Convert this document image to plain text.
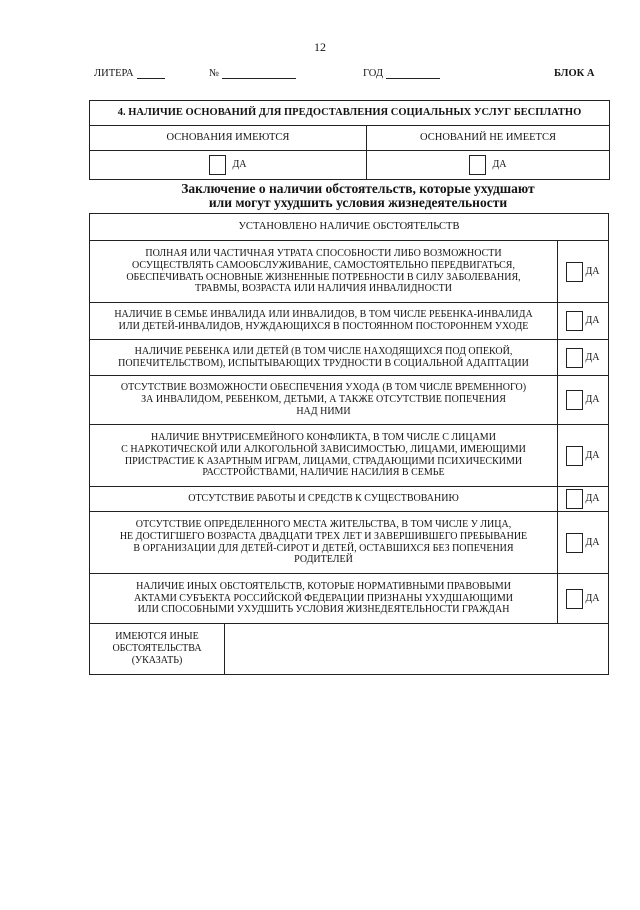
12
ЛИТЕРА	№	ГОД	БЛОК А
4. НАЛИЧИЕ ОСНОВАНИЙ ДЛЯ ПРЕДОСТАВЛЕНИЯ СОЦИАЛЬНЫХ УСЛУГ БЕСПЛАТНО	
ОСНОВАНИЯ ИМЕЮТСЯ	ОСНОВАНИЙ НЕ ИМЕЕТСЯ
ДА	ДА
Заключение о наличии обстоятельств, которые ухудшают
или могут ухудшить условия жизнедеятельности
УСТАНОВЛЕНО НАЛИЧИЕ ОБСТОЯТЕЛЬСТВ		

ПОЛНАЯ ИЛИ ЧАСТИЧНАЯ УТРАТА СПОСОБНОСТИ ЛИБО ВОЗМОЖНОСТИ
ОСУЩЕСТВЛЯТЬ САМООБСЛУЖИВАНИЕ, САМОСТОЯТЕЛЬНО ПЕРЕДВИГАТЬСЯ,
ОБЕСПЕЧИВАТЬ ОСНОВНЫЕ ЖИЗНЕННЫЕ ПОТРЕБНОСТИ В СИЛУ ЗАБОЛЕВАНИЯ,
ТРАВМЫ, ВОЗРАСТА ИЛИ НАЛИЧИЯ ИНВАЛИДНОСТИ		ДА

НАЛИЧИЕ В СЕМЬЕ ИНВАЛИДА ИЛИ ИНВАЛИДОВ, В ТОМ ЧИСЛЕ РЕБЕНКА-ИНВАЛИДА
ИЛИ ДЕТЕЙ-ИНВАЛИДОВ, НУЖДАЮЩИХСЯ В ПОСТОЯННОМ ПОСТОРОННЕМ УХОДЕ		ДА

НАЛИЧИЕ РЕБЕНКА ИЛИ ДЕТЕЙ (В ТОМ ЧИСЛЕ НАХОДЯЩИХСЯ ПОД ОПЕКОЙ,
ПОПЕЧИТЕЛЬСТВОМ), ИСПЫТЫВАЮЩИХ ТРУДНОСТИ В СОЦИАЛЬНОЙ АДАПТАЦИИ		ДА

ОТСУТСТВИЕ ВОЗМОЖНОСТИ ОБЕСПЕЧЕНИЯ УХОДА (В ТОМ ЧИСЛЕ ВРЕМЕННОГО)
ЗА ИНВАЛИДОМ, РЕБЕНКОМ, ДЕТЬМИ, А ТАКЖЕ ОТСУТСТВИЕ ПОПЕЧЕНИЯ
НАД НИМИ		ДА

НАЛИЧИЕ ВНУТРИСЕМЕЙНОГО КОНФЛИКТА, В ТОМ ЧИСЛЕ С ЛИЦАМИ
С НАРКОТИЧЕСКОЙ ИЛИ АЛКОГОЛЬНОЙ ЗАВИСИМОСТЬЮ, ЛИЦАМИ, ИМЕЮЩИМИ
ПРИСТРАСТИЕ К АЗАРТНЫМ ИГРАМ, ЛИЦАМИ, СТРАДАЮЩИМИ ПСИХИЧЕСКИМИ
РАССТРОЙСТВАМИ, НАЛИЧИЕ НАСИЛИЯ В СЕМЬЕ		ДА

ОТСУТСТВИЕ РАБОТЫ И СРЕДСТВ К СУЩЕСТВОВАНИЮ		ДА

ОТСУТСТВИЕ ОПРЕДЕЛЕННОГО МЕСТА ЖИТЕЛЬСТВА, В ТОМ ЧИСЛЕ У ЛИЦА,
НЕ ДОСТИГШЕГО ВОЗРАСТА ДВАДЦАТИ ТРЕХ ЛЕТ И ЗАВЕРШИВШЕГО ПРЕБЫВАНИЕ
В ОРГАНИЗАЦИИ ДЛЯ ДЕТЕЙ-СИРОТ И ДЕТЕЙ, ОСТАВШИХСЯ БЕЗ ПОПЕЧЕНИЯ
РОДИТЕЛЕЙ		ДА

НАЛИЧИЕ ИНЫХ ОБСТОЯТЕЛЬСТВ, КОТОРЫЕ НОРМАТИВНЫМИ ПРАВОВЫМИ
АКТАМИ СУБЪЕКТА РОССИЙСКОЙ ФЕДЕРАЦИИ ПРИЗНАНЫ УХУДШАЮЩИМИ
ИЛИ СПОСОБНЫМИ УХУДШИТЬ УСЛОВИЯ ЖИЗНЕДЕЯТЕЛЬНОСТИ ГРАЖДАН		ДА

ИМЕЮТСЯ ИНЫЕ
ОБСТОЯТЕЛЬСТВА
(УКАЗАТЬ)		
